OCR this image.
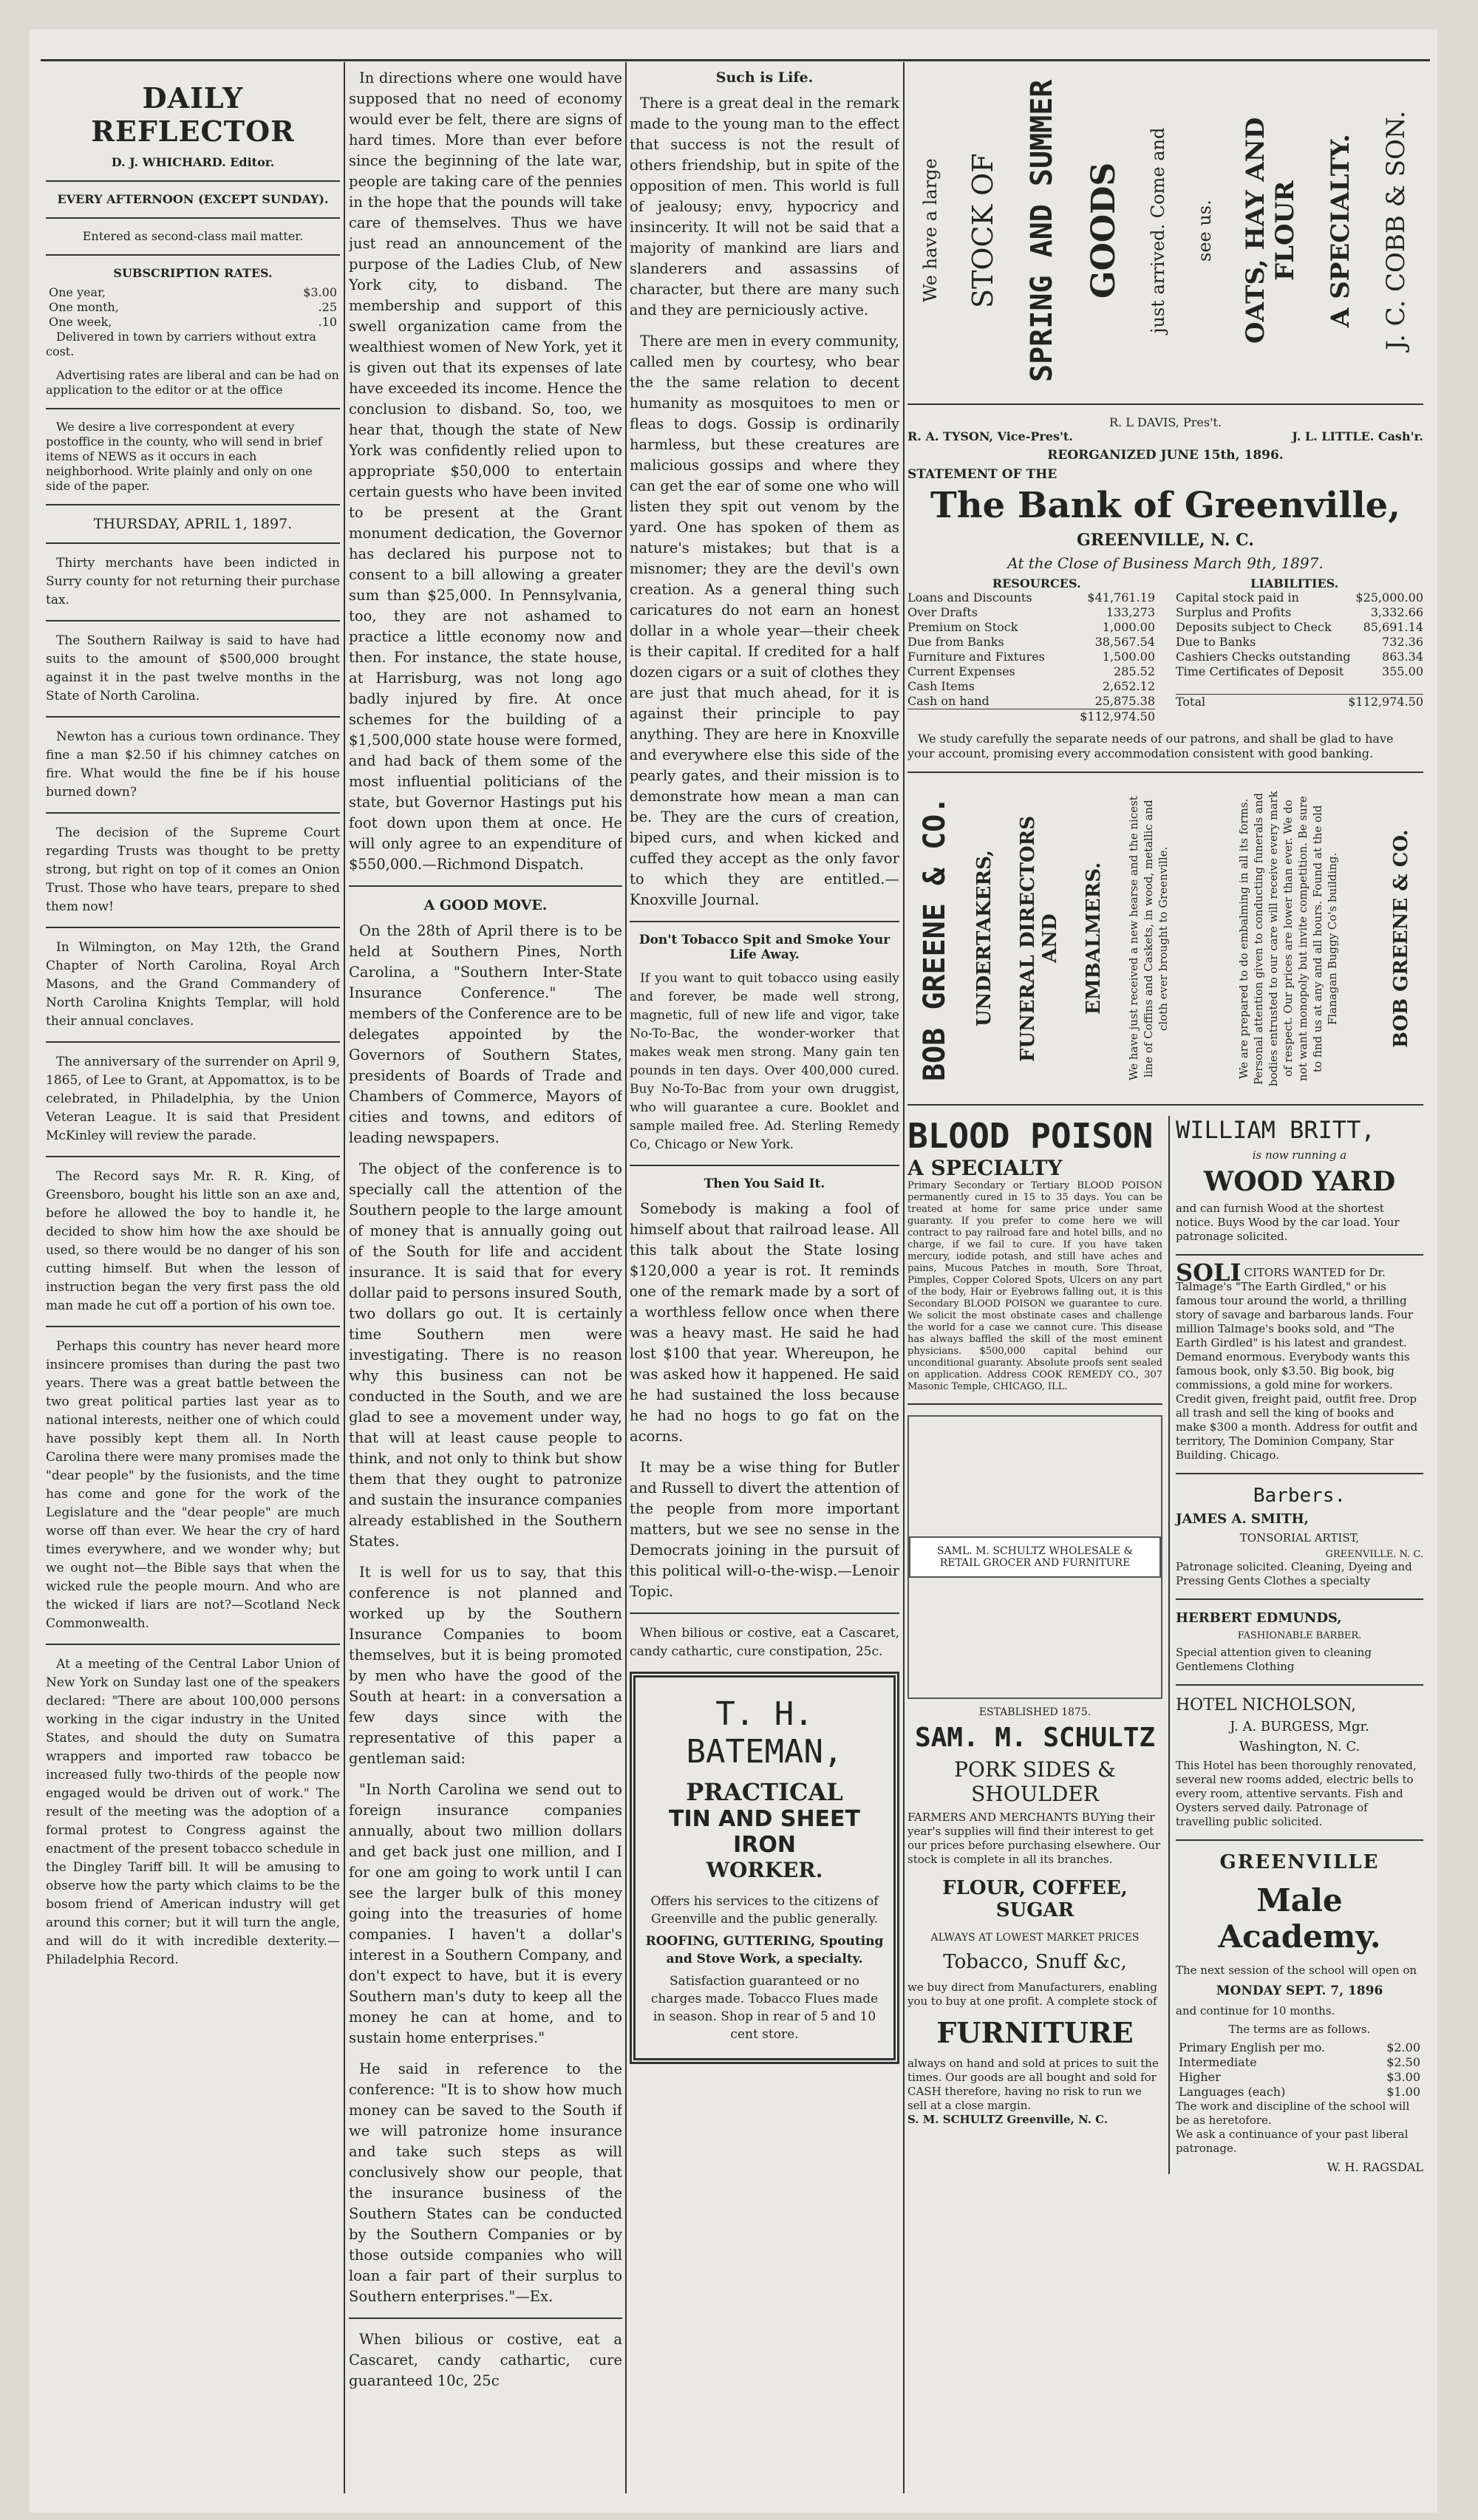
DAILY REFLECTOR
D. J. WHICHARD. Editor.
EVERY AFTERNOON (EXCEPT SUNDAY).
Entered as second-class mail matter.
SUBSCRIPTION RATES.
One year,	$3.00
One month,	.25
One week,	.10
Delivered in town by carriers without extra cost.
Advertising rates are liberal and can be had on application to the editor or at the office
We desire a live correspondent at every postoffice in the county, who will send in brief items of NEWS as it occurs in each neighborhood. Write plainly and only on one side of the paper.
THURSDAY, APRIL 1, 1897.

Thirty merchants have been indicted in Surry county for not returning their purchase tax.

The Southern Railway is said to have had suits to the amount of $500,000 brought against it in the past twelve months in the State of North Carolina.

Newton has a curious town ordinance. They fine a man $2.50 if his chimney catches on fire. What would the fine be if his house burned down?

The decision of the Supreme Court regarding Trusts was thought to be pretty strong, but right on top of it comes an Onion Trust. Those who have tears, prepare to shed them now!

In Wilmington, on May 12th, the Grand Chapter of North Carolina, Royal Arch Masons, and the Grand Commandery of North Carolina Knights Templar, will hold their annual conclaves.

The anniversary of the surrender on April 9, 1865, of Lee to Grant, at Appomattox, is to be celebrated, in Philadelphia, by the Union Veteran League. It is said that President McKinley will review the parade.

The Record says Mr. R. R. King, of Greensboro, bought his little son an axe and, before he allowed the boy to handle it, he decided to show him how the axe should be used, so there would be no danger of his son cutting himself. But when the lesson of instruction began the very first pass the old man made he cut off a portion of his own toe.

Perhaps this country has never heard more insincere promises than during the past two years. There was a great battle between the two great political parties last year as to national interests, neither one of which could have possibly kept them all. In North Carolina there were many promises made the "dear people" by the fusionists, and the time has come and gone for the work of the Legislature and the "dear people" are much worse off than ever. We hear the cry of hard times everywhere, and we wonder why; but we ought not—the Bible says that when the wicked rule the people mourn. And who are the wicked if liars are not?—Scotland Neck Commonwealth.

At a meeting of the Central Labor Union of New York on Sunday last one of the speakers declared: "There are about 100,000 persons working in the cigar industry in the United States, and should the duty on Sumatra wrappers and imported raw tobacco be increased fully two-thirds of the people now engaged would be driven out of work." The result of the meeting was the adoption of a formal protest to Congress against the enactment of the present tobacco schedule in the Dingley Tariff bill. It will be amusing to observe how the party which claims to be the bosom friend of American industry will get around this corner; but it will turn the angle, and will do it with incredible dexterity.—Philadelphia Record.

In directions where one would have supposed that no need of economy would ever be felt, there are signs of hard times. More than ever before since the beginning of the late war, people are taking care of the pennies in the hope that the pounds will take care of themselves. Thus we have just read an announcement of the purpose of the Ladies Club, of New York city, to disband. The membership and support of this swell organization came from the wealthiest women of New York, yet it is given out that its expenses of late have exceeded its income. Hence the conclusion to disband. So, too, we hear that, though the state of New York was confidently relied upon to appropriate $50,000 to entertain certain guests who have been invited to be present at the Grant monument dedication, the Governor has declared his purpose not to consent to a bill allowing a greater sum than $25,000. In Pennsylvania, too, they are not ashamed to practice a little economy now and then. For instance, the state house, at Harrisburg, was not long ago badly injured by fire. At once schemes for the building of a $1,500,000 state house were formed, and had back of them some of the most influential politicians of the state, but Governor Hastings put his foot down upon them at once. He will only agree to an expenditure of $550,000.—Richmond Dispatch.

A GOOD MOVE.

On the 28th of April there is to be held at Southern Pines, North Carolina, a "Southern Inter-State Insurance Conference." The members of the Conference are to be delegates appointed by the Governors of Southern States, presidents of Boards of Trade and Chambers of Commerce, Mayors of cities and towns, and editors of leading newspapers.

The object of the conference is to specially call the attention of the Southern people to the large amount of money that is annually going out of the South for life and accident insurance. It is said that for every dollar paid to persons insured South, two dollars go out. It is certainly time Southern men were investigating. There is no reason why this business can not be conducted in the South, and we are glad to see a movement under way, that will at least cause people to think, and not only to think but show them that they ought to patronize and sustain the insurance companies already established in the Southern States.

It is well for us to say, that this conference is not planned and worked up by the Southern Insurance Companies to boom themselves, but it is being promoted by men who have the good of the South at heart: in a conversation a few days since with the representative of this paper a gentleman said:

"In North Carolina we send out to foreign insurance companies annually, about two million dollars and get back just one million, and I for one am going to work until I can see the larger bulk of this money going into the treasuries of home companies. I haven't a dollar's interest in a Southern Company, and don't expect to have, but it is every Southern man's duty to keep all the money he can at home, and to sustain home enterprises."

He said in reference to the conference: "It is to show how much money can be saved to the South if we will patronize home insurance and take such steps as will conclusively show our people, that the insurance business of the Southern States can be conducted by the Southern Companies or by those outside companies who will loan a fair part of their surplus to Southern enterprises."—Ex.

When bilious or costive, eat a Cascaret, candy cathartic, cure guaranteed 10c, 25c

Such is Life.

There is a great deal in the remark made to the young man to the effect that success is not the result of others friendship, but in spite of the opposition of men. This world is full of jealousy; envy, hypocricy and insincerity. It will not be said that a majority of mankind are liars and slanderers and assassins of character, but there are many such and they are perniciously active.

There are men in every community, called men by courtesy, who bear the the same relation to decent humanity as mosquitoes to men or fleas to dogs. Gossip is ordinarily harmless, but these creatures are malicious gossips and where they can get the ear of some one who will listen they spit out venom by the yard. One has spoken of them as nature's mistakes; but that is a misnomer; they are the devil's own creation. As a general thing such caricatures do not earn an honest dollar in a whole year—their cheek is their capital. If credited for a half dozen cigars or a suit of clothes they are just that much ahead, for it is against their principle to pay anything. They are here in Knoxville and everywhere else this side of the pearly gates, and their mission is to demonstrate how mean a man can be. They are the curs of creation, biped curs, and when kicked and cuffed they accept as the only favor to which they are entitled.—Knoxville Journal.

Don't Tobacco Spit and Smoke Your Life Away.

If you want to quit tobacco using easily and forever, be made well strong, magnetic, full of new life and vigor, take No-To-Bac, the wonder-worker that makes weak men strong. Many gain ten pounds in ten days. Over 400,000 cured. Buy No-To-Bac from your own druggist, who will guarantee a cure. Booklet and sample mailed free. Ad. Sterling Remedy Co, Chicago or New York.

Then You Said It.

Somebody is making a fool of himself about that railroad lease. All this talk about the State losing $120,000 a year is rot. It reminds one of the remark made by a sort of a worthless fellow once when there was a heavy mast. He said he had lost $100 that year. Whereupon, he was asked how it happened. He said he had sustained the loss because he had no hogs to go fat on the acorns.

It may be a wise thing for Butler and Russell to divert the attention of the people from more important matters, but we see no sense in the Democrats joining in the pursuit of this political will-o-the-wisp.—Lenoir Topic.

When bilious or costive, eat a Cascaret, candy cathartic, cure constipation, 25c.

T. H. BATEMAN,
PRACTICAL
TIN AND SHEET IRON
WORKER.
Offers his services to the citizens of Greenville and the public generally.
ROOFING, GUTTERING, Spouting and Stove Work, a specialty.
Satisfaction guaranteed or no charges made. Tobacco Flues made in season. Shop in rear of 5 and 10 cent store.
We have a large STOCK OF SPRING AND SUMMER GOODS just arrived. Come and see us. OATS, HAY AND FLOUR A SPECIALTY. J. C. COBB & SON.
R. L DAVIS, Pres't.
R. A. TYSON, Vice-Pres't.	J. L. LITTLE. Cash'r.
REORGANIZED JUNE 15th, 1896.
STATEMENT OF THE
The Bank of Greenville,
GREENVILLE, N. C.
At the Close of Business March 9th, 1897.
RESOURCES.	LIABILITIES.
Loans and Discounts	$41,761.19
Over Drafts	133,273
Premium on Stock	1,000.00
Due from Banks	38,567.54
Furniture and Fixtures	1,500.00
Current Expenses	285.52
Cash Items	2,652.12
Cash on hand	25,875.38
$112,974.50
Capital stock paid in	$25,000.00
Surplus and Profits	3,332.66
Deposits subject to Check	85,691.14
Due to Banks	732.36
Cashiers Checks outstanding	863.34
Time Certificates of Deposit	355.00
Total	$112,974.50
We study carefully the separate needs of our patrons, and shall be glad to have your account, promising every accommodation consistent with good banking.
BOB GREENE & CO. UNDERTAKERS, FUNERAL DIRECTORS AND EMBALMERS. We have just received a new hearse and the nicest line of Coffins and Caskets, in wood, metallic and cloth ever brought to Greenville.	We are prepared to do embalming in all its forms. Personal attention given to conducting funerals and bodies entrusted to our care will receive every mark of respect. Our prices are lower than ever. We do not want monopoly but invite competition. Be sure to find us at any and all hours. Found at the old Flanagan Buggy Co's building.	BOB GREENE & CO.
BLOOD POISON
A SPECIALTY
Primary Secondary or Tertiary BLOOD POISON permanently cured in 15 to 35 days. You can be treated at home for same price under same guaranty. If you prefer to come here we will contract to pay railroad fare and hotel bills, and no charge, if we fail to cure. If you have taken mercury, iodide potash, and still have aches and pains, Mucous Patches in mouth, Sore Throat, Pimples, Copper Colored Spots, Ulcers on any part of the body, Hair or Eyebrows falling out, it is this Secondary BLOOD POISON we guarantee to cure. We solicit the most obstinate cases and challenge the world for a case we cannot cure. This disease has always baffled the skill of the most eminent physicians. $500,000 capital behind our unconditional guaranty. Absolute proofs sent sealed on application. Address COOK REMEDY CO., 307 Masonic Temple, CHICAGO, ILL.
SAML. M. SCHULTZ WHOLESALE & RETAIL GROCER AND FURNITURE
ESTABLISHED 1875.
SAM. M. SCHULTZ
PORK SIDES & SHOULDER
FARMERS AND MERCHANTS BUYing their year's supplies will find their interest to get our prices before purchasing elsewhere. Our stock is complete in all its branches.
FLOUR, COFFEE, SUGAR
ALWAYS AT LOWEST MARKET PRICES
Tobacco, Snuff &c,
we buy direct from Manufacturers, enabling you to buy at one profit. A complete stock of
FURNITURE
always on hand and sold at prices to suit the times. Our goods are all bought and sold for CASH therefore, having no risk to run we sell at a close margin.
S. M. SCHULTZ Greenville, N. C.
WILLIAM BRITT,
is now running a
WOOD YARD
and can furnish Wood at the shortest notice. Buys Wood by the car load. Your patronage solicited.
SOLI CITORS WANTED for Dr. Talmage's "The Earth Girdled," or his famous tour around the world, a thrilling story of savage and barbarous lands. Four million Talmage's books sold, and "The Earth Girdled" is his latest and grandest. Demand enormous. Everybody wants this famous book, only $3.50. Big book, big commissions, a gold mine for workers. Credit given, freight paid, outfit free. Drop all trash and sell the king of books and make $300 a month. Address for outfit and territory, The Dominion Company, Star Building. Chicago.
Barbers.
JAMES A. SMITH,
TONSORIAL ARTIST,
GREENVILLE. N. C.
Patronage solicited. Cleaning, Dyeing and Pressing Gents Clothes a specialty
HERBERT EDMUNDS,
FASHIONABLE BARBER.
Special attention given to cleaning Gentlemens Clothing
HOTEL NICHOLSON,
J. A. BURGESS, Mgr.
Washington, N. C.
This Hotel has been thoroughly renovated, several new rooms added, electric bells to every room, attentive servants. Fish and Oysters served daily. Patronage of travelling public solicited.
GREENVILLE
Male Academy.
The next session of the school will open on
MONDAY SEPT. 7, 1896
and continue for 10 months.
The terms are as follows.
Primary English per mo.	$2.00
Intermediate	$2.50
Higher	$3.00
Languages (each)	$1.00
The work and discipline of the school will be as heretofore.
We ask a continuance of your past liberal patronage.
W. H. RAGSDAL
